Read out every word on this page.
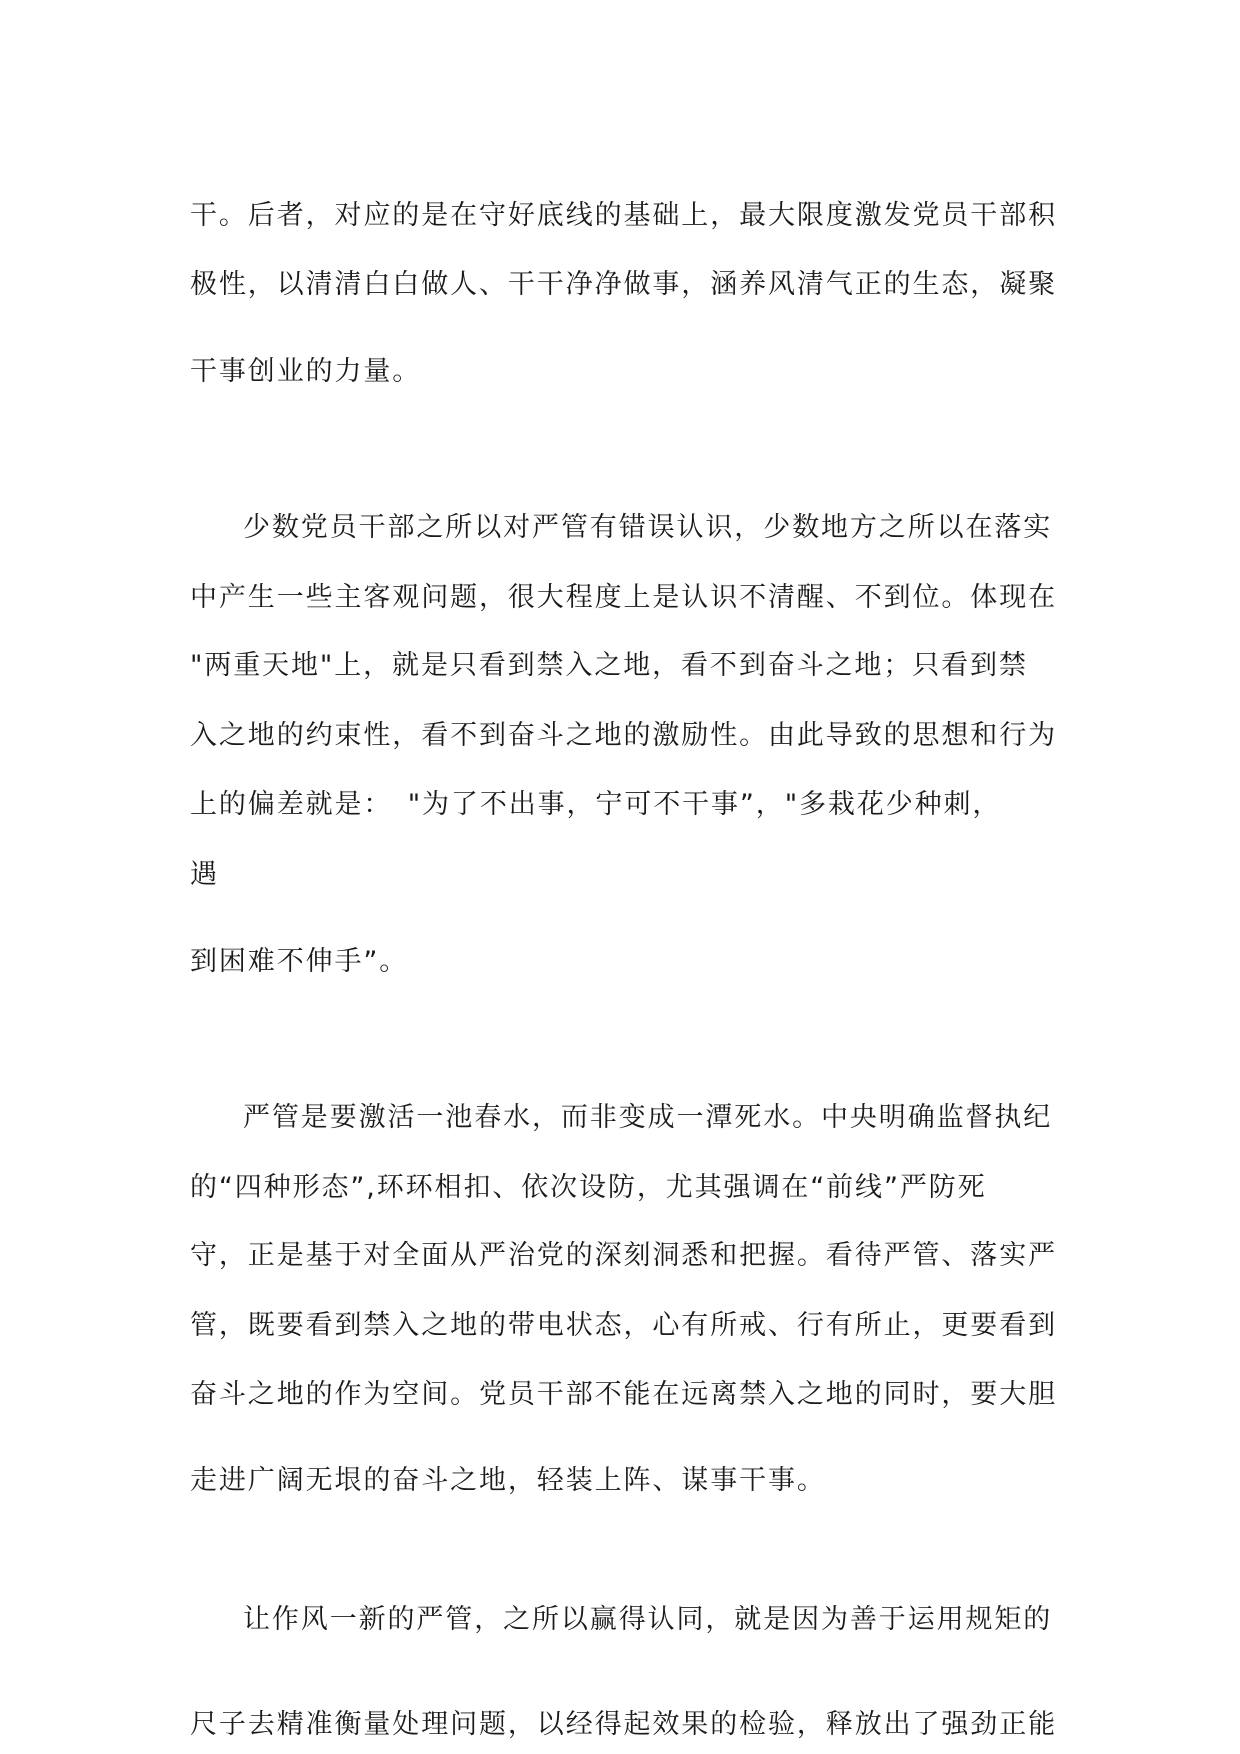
干。后者，对应的是在守好底线的基础上，最大限度激发党员干部积
极性，以清清白白做人、干干净净做事，涵养风清气正的生态，凝聚
干事创业的力量。
少数党员干部之所以对严管有错误认识，少数地方之所以在落实
中产生一些主客观问题，很大程度上是认识不清醒、不到位。体现在
"两重天地"上，就是只看到禁入之地，看不到奋斗之地；只看到禁
入之地的约束性，看不到奋斗之地的激励性。由此导致的思想和行为
上的偏差就是：　"为了不出事，宁可不干事”，"多栽花少种刺，
遇
到困难不伸手”。
严管是要激活一池春水，而非变成一潭死水。中央明确监督执纪
的“四种形态”,环环相扣、依次设防，尤其强调在“前线”严防死
守，正是基于对全面从严治党的深刻洞悉和把握。看待严管、落实严
管，既要看到禁入之地的带电状态，心有所戒、行有所止，更要看到
奋斗之地的作为空间。党员干部不能在远离禁入之地的同时，要大胆
走进广阔无垠的奋斗之地，轻装上阵、谋事干事。
让作风一新的严管，之所以赢得认同，就是因为善于运用规矩的
尺子去精准衡量处理问题，以经得起效果的检验，释放出了强劲正能
